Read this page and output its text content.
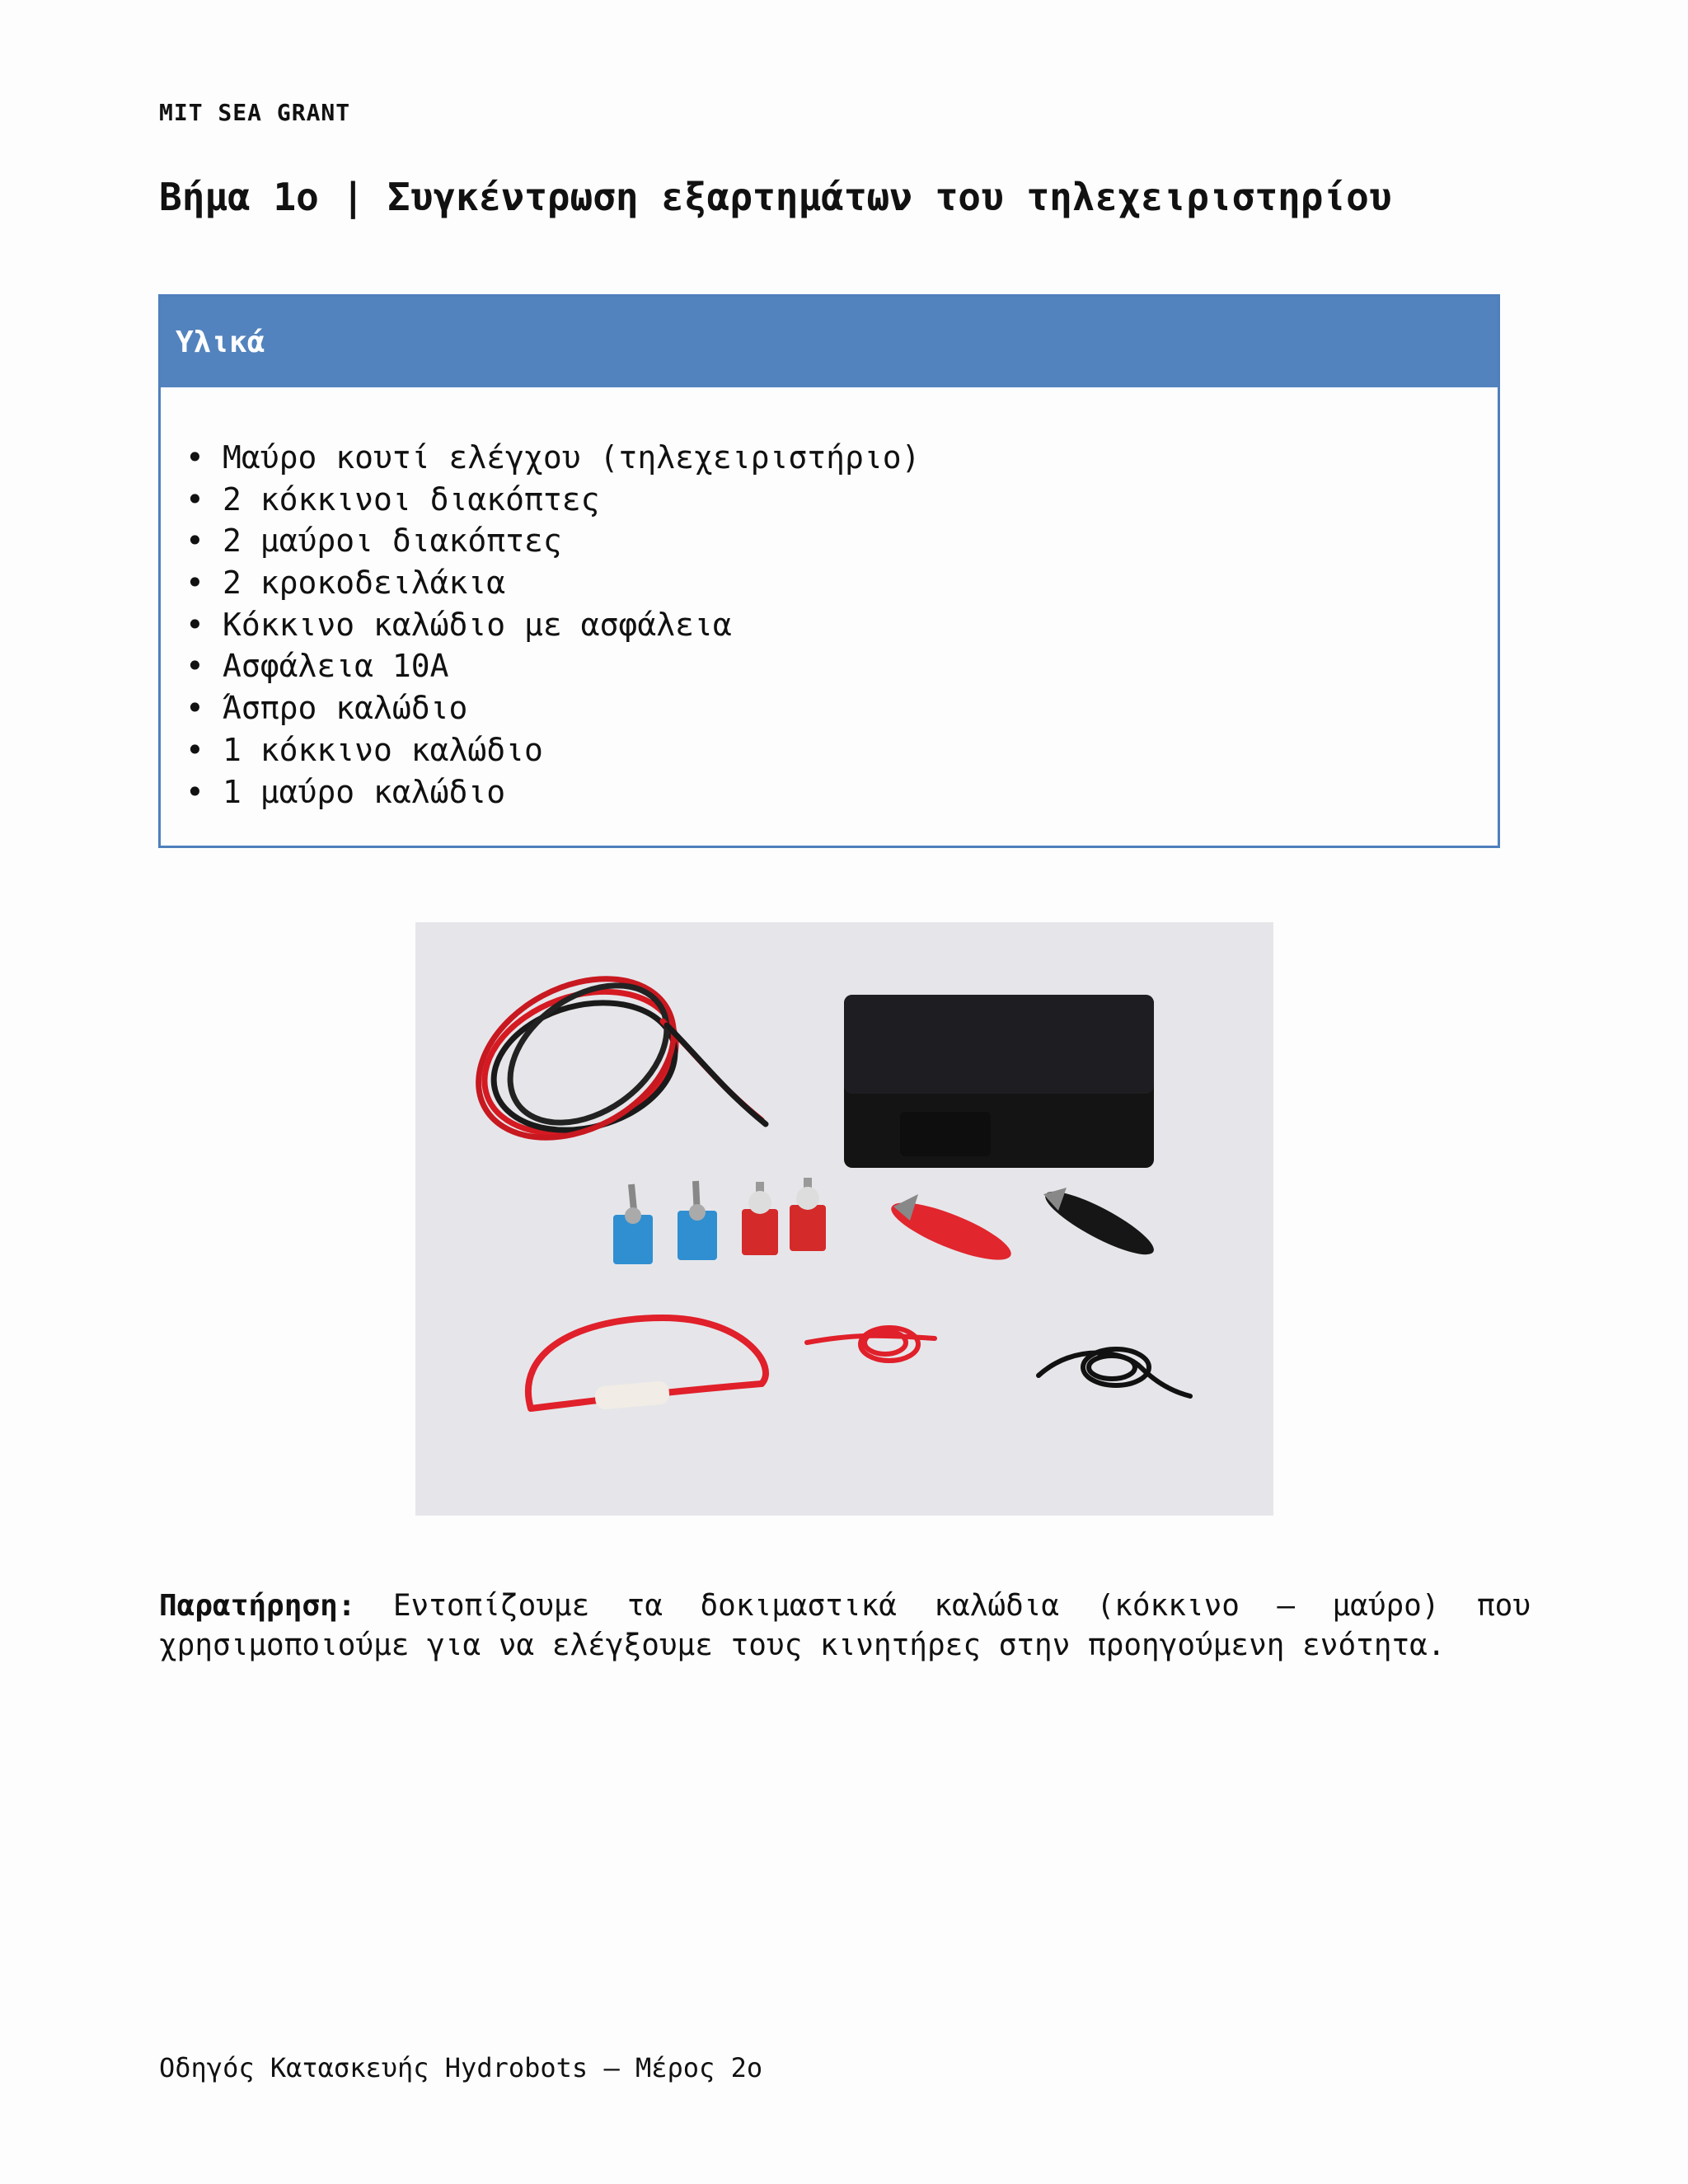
MIT SEA GRANT
Βήμα 1ο | Συγκέντρωση εξαρτημάτων του τηλεχειριστηρίου
Υλικά
• Μαύρο κουτί ελέγχου (τηλεχειριστήριο)
• 2 κόκκινοι διακόπτες
• 2 μαύροι διακόπτες
• 2 κροκοδειλάκια
• Κόκκινο καλώδιο με ασφάλεια
• Ασφάλεια 10Α
• Άσπρο καλώδιο
• 1 κόκκινο καλώδιο
• 1 μαύρο καλώδιο

Παρατήρηση: Εντοπίζουμε τα δοκιμαστικά καλώδια (κόκκινο – μαύρο) που χρησιμοποιούμε για να ελέγξουμε τους κινητήρες στην προηγούμενη ενότητα.

Οδηγός Κατασκευής Hydrobots – Μέρος 2ο
